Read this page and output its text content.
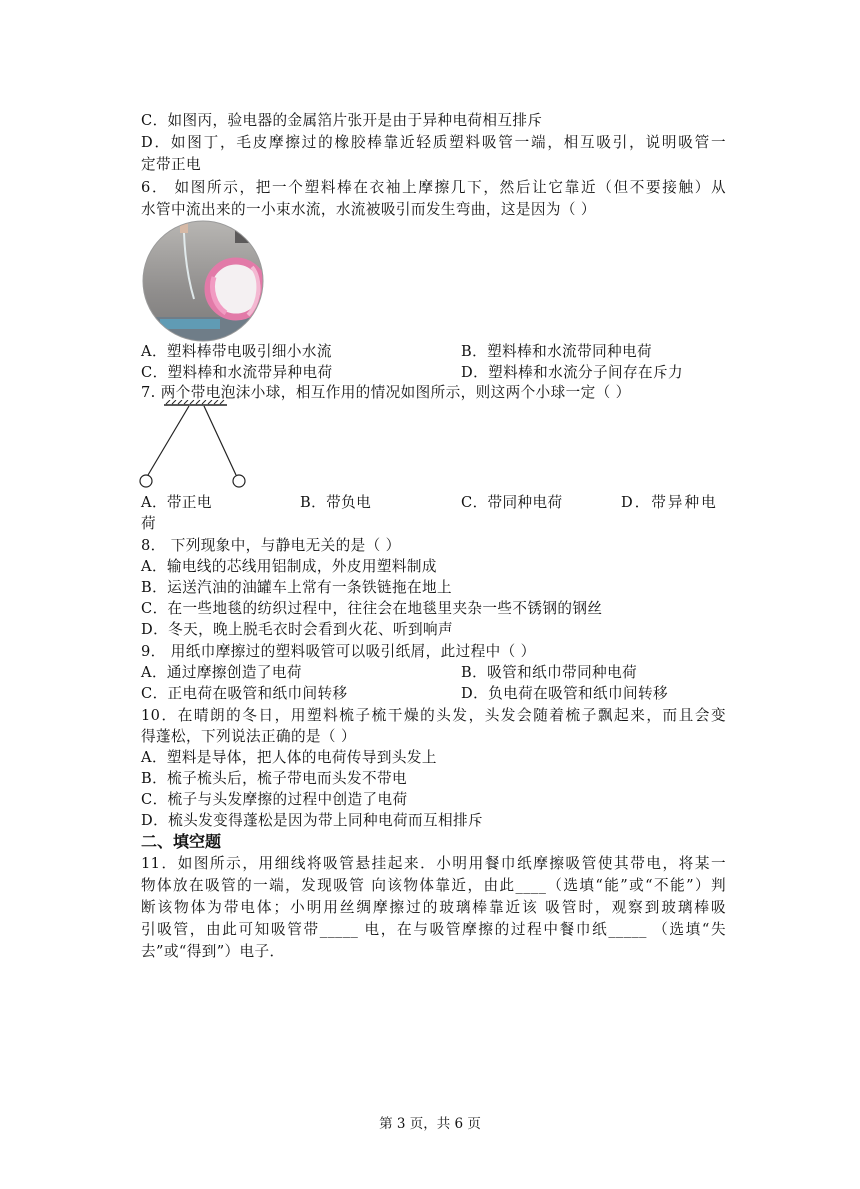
C．如图丙，验电器的金属箔片张开是由于异种电荷相互排斥
D．如图丁，毛皮摩擦过的橡胶棒靠近轻质塑料吸管一端，相互吸引，说明吸管一
定带正电
6． 如图所示，把一个塑料棒在衣袖上摩擦几下，然后让它靠近（但不要接触）从
水管中流出来的一小束水流，水流被吸引而发生弯曲，这是因为（ ）
A．塑料棒带电吸引细小水流	B．塑料棒和水流带同种电荷
C．塑料棒和水流带异种电荷	D．塑料棒和水流分子间存在斥力
7. 两个带电泡沫小球，相互作用的情况如图所示，则这两个小球一定（ ）
A．带正电	B．带负电	C．带同种电荷	D．带异种电
荷
8． 下列现象中，与静电无关的是（ ）
A．输电线的芯线用铝制成，外皮用塑料制成
B．运送汽油的油罐车上常有一条铁链拖在地上
C．在一些地毯的纺织过程中，往往会在地毯里夹杂一些不锈钢的钢丝
D．冬天，晚上脱毛衣时会看到火花、听到响声
9． 用纸巾摩擦过的塑料吸管可以吸引纸屑，此过程中（ ）
A．通过摩擦创造了电荷	B．吸管和纸巾带同种电荷
C．正电荷在吸管和纸巾间转移	D．负电荷在吸管和纸巾间转移
10．在晴朗的冬日，用塑料梳子梳干燥的头发，头发会随着梳子飘起来，而且会变
得蓬松，下列说法正确的是（ ）
A．塑料是导体，把人体的电荷传导到头发上
B．梳子梳头后，梳子带电而头发不带电
C．梳子与头发摩擦的过程中创造了电荷
D．梳头发变得蓬松是因为带上同种电荷而互相排斥
二、填空题
11．如图所示，用细线将吸管悬挂起来．小明用餐巾纸摩擦吸管使其带电，将某一
物体放在吸管的一端，发现吸管 向该物体靠近，由此____（选填“能”或“不能”）判
断该物体为带电体；小明用丝绸摩擦过的玻璃棒靠近该 吸管时，观察到玻璃棒吸
引吸管，由此可知吸管带_____ 电，在与吸管摩擦的过程中餐巾纸_____ （选填“失
去”或“得到”）电子．
第 3 页，共 6 页
